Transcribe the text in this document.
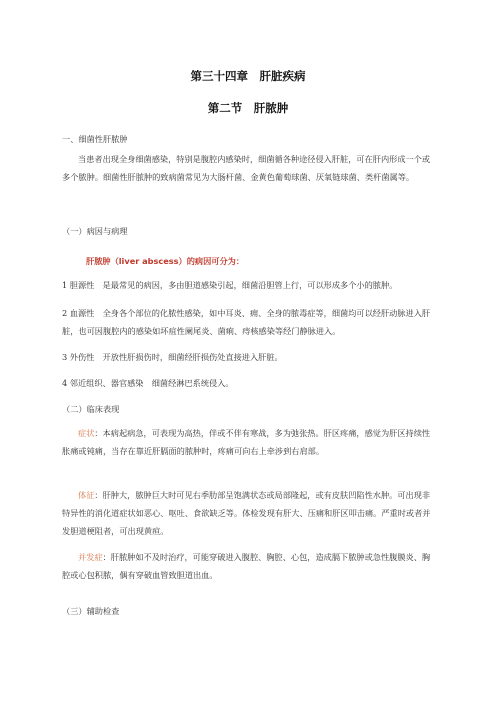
第三十四章　肝脏疾病
第二节　肝脓肿
一、细菌性肝脓肿
当患者出现全身细菌感染，特别是腹腔内感染时，细菌循各种途径侵入肝脏，可在肝内形成一个或多个脓肿。细菌性肝脓肿的致病菌常见为大肠杆菌、金黄色葡萄球菌、厌氧链球菌、类杆菌属等。
（一）病因与病理
肝脓肿（liver abscess）的病因可分为：
1 胆源性　是最常见的病因，多由胆道感染引起，细菌沿胆管上行，可以形成多个小的脓肿。
2 血源性　全身各个部位的化脓性感染，如中耳炎、痈、全身的脓毒症等，细菌均可以经肝动脉进入肝脏，也可因腹腔内的感染如坏疽性阑尾炎、菌痢、痔核感染等经门静脉进入。
3 外伤性　开放性肝损伤时，细菌经肝损伤处直接进入肝脏。
4 邻近组织、器官感染　细菌经淋巴系统侵入。
（二）临床表现
症状：本病起病急，可表现为高热，伴或不伴有寒战，多为弛张热。肝区疼痛，感觉为肝区持续性胀痛或钝痛，当存在靠近肝膈面的脓肿时，疼痛可向右上牵涉到右肩部。
体征：肝肿大，脓肿巨大时可见右季肋部呈饱满状态或局部隆起，或有皮肤凹陷性水肿。可出现非特异性的消化道症状如恶心、呕吐、食欲缺乏等。体检发现有肝大、压痛和肝区叩击痛。严重时或者并发胆道梗阻者，可出现黄疸。
并发症：肝脓肿如不及时治疗，可能穿破进入腹腔、胸腔、心包，造成膈下脓肿或急性腹膜炎、胸腔或心包积脓，偶有穿破血管致胆道出血。
（三）辅助检查
